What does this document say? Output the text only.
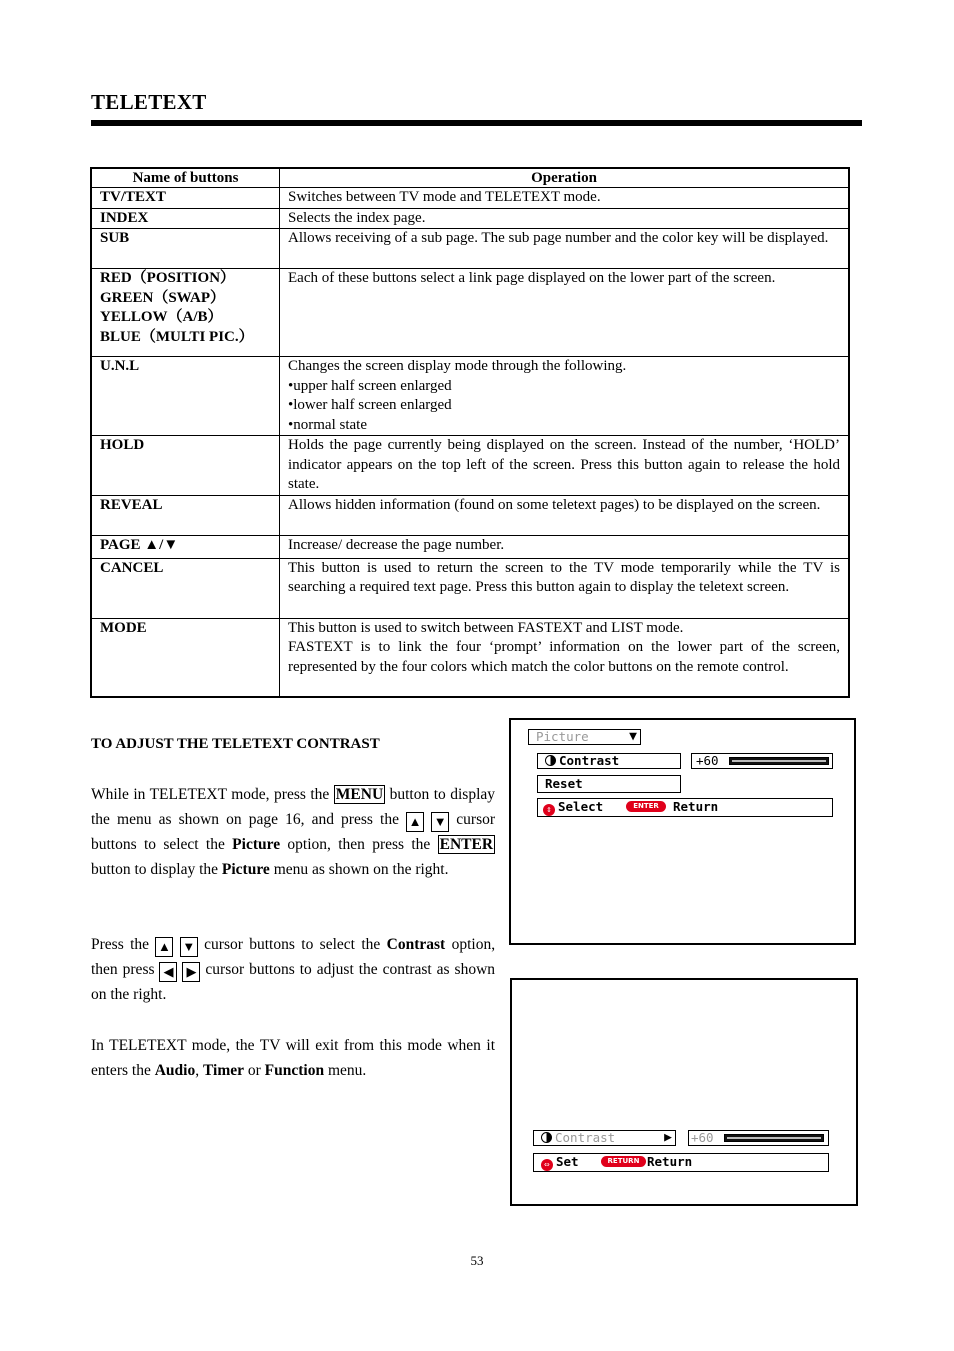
TELETEXT
Name of buttons	Operation

TV/TEXT	Switches between TV mode and TELETEXT mode.

INDEX	Selects the index page.

SUB	Allows receiving of a sub page. The sub page number and the color key will be displayed.

RED（POSITION）
GREEN（SWAP）
YELLOW（A/B）
BLUE（MULTI PIC.）	Each of these buttons select a link page displayed on the lower part of the screen.

U.N.L	Changes the screen display mode through the following.
• upper half screen enlarged
• lower half screen enlarged
• normal state

HOLD	Holds the page currently being displayed on the screen. Instead of the number, ‘HOLD’ indicator appears on the top left of the screen. Press this button again to release the hold state.

REVEAL	Allows hidden information (found on some teletext pages) to be displayed on the screen.

PAGE ▲/▼	Increase/ decrease the page number.

CANCEL	This button is used to return the screen to the TV mode temporarily while the TV is searching a required text page. Press this button again to display the teletext screen.

MODE	This button is used to switch between FASTEXT and LIST mode.
FASTEXT is to link the four ‘prompt’ information on the lower part of the screen, represented by the four colors which match the color buttons on the remote control.
TO ADJUST THE TELETEXT CONTRAST
While in TELETEXT mode, press the MENU button to display the menu as shown on page 16, and press the ▲ ▼ cursor buttons to select the Picture option, then press the ENTER button to display the Picture menu as shown on the right.
Press the ▲ ▼ cursor buttons to select the Contrast option, then press ◀ ▶ cursor buttons to adjust the contrast as shown on the right.
In TELETEXT mode, the TV will exit from this mode when it enters the Audio, Timer or Function menu.
Picture	▼
Contrast	+60
Reset
⇕ Select	ENTER	Return
Contrast	▶ +60
⇔ Set	RETURN Return
53
